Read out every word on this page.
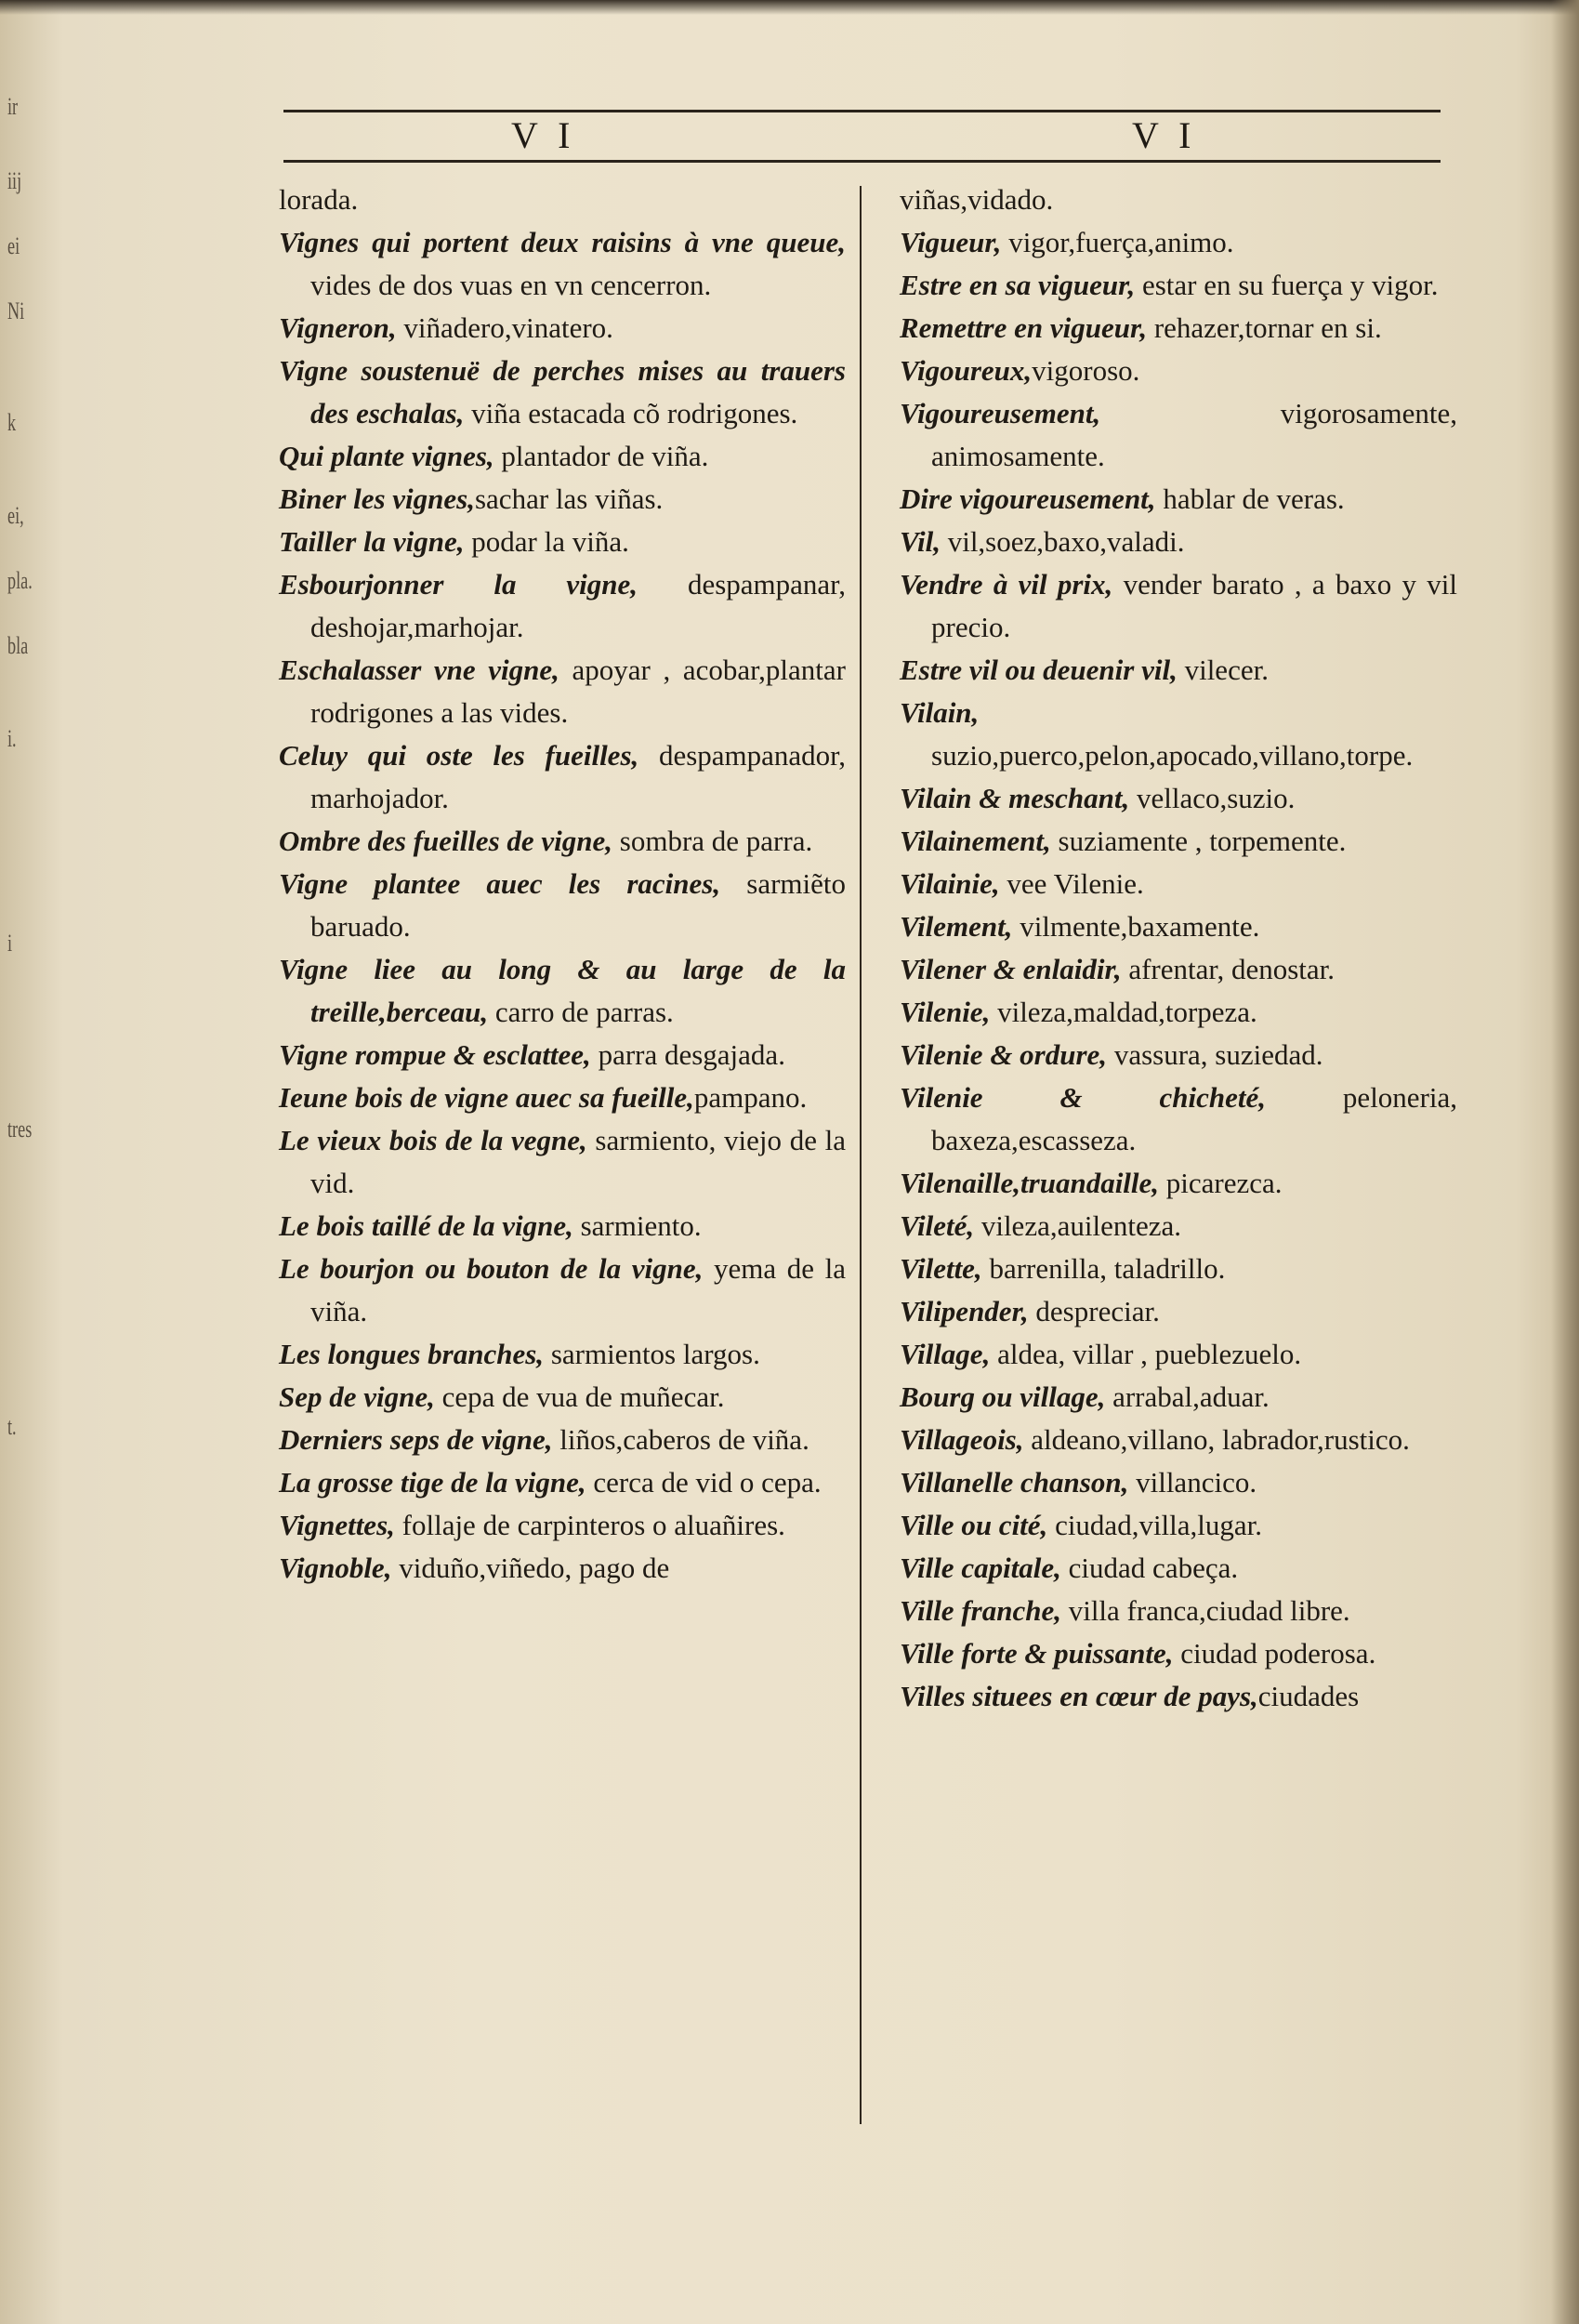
ir
iij
ei
Ni
k
ei,
pla.
bla
i.
i
tres
t.
V I	V I
lorada.
Vignes qui portent deux raisins à vne queue, vides de dos vuas en vn cencerron.
Vigneron, viñadero,vinatero.
Vigne soustenuë de perches mises au trauers des eschalas, viña estacada cõ rodrigones.
Qui plante vignes, plantador de viña.
Biner les vignes,sachar las viñas.
Tailler la vigne, podar la viña.
Esbourjonner la vigne, despampanar, deshojar,marhojar.
Eschalasser vne vigne, apoyar , acobar,plantar rodrigones a las vides.
Celuy qui oste les fueilles, despampanador, marhojador.
Ombre des fueilles de vigne, sombra de parra.
Vigne plantee auec les racines, sarmiẽto baruado.
Vigne liee au long & au large de la treille,berceau, carro de parras.
Vigne rompue & esclattee, parra desgajada.
Ieune bois de vigne auec sa fueille,pampano.
Le vieux bois de la vegne, sarmiento, viejo de la vid.
Le bois taillé de la vigne, sarmiento.
Le bourjon ou bouton de la vigne, yema de la viña.
Les longues branches, sarmientos largos.
Sep de vigne, cepa de vua de muñecar.
Derniers seps de vigne, liños,caberos de viña.
La grosse tige de la vigne, cerca de vid o cepa.
Vignettes, follaje de carpinteros o aluañires.
Vignoble, viduño,viñedo, pago de
viñas,vidado.
Vigueur, vigor,fuerça,animo.
Estre en sa vigueur, estar en su fuerça y vigor.
Remettre en vigueur, rehazer,tornar en si.
Vigoureux,vigoroso.
Vigoureusement, vigorosamente, animosamente.
Dire vigoureusement, hablar de veras.
Vil, vil,soez,baxo,valadi.
Vendre à vil prix, vender barato , a baxo y vil precio.
Estre vil ou deuenir vil, vilecer.
Vilain, suzio,puerco,pelon,apocado,villano,torpe.
Vilain & meschant, vellaco,suzio.
Vilainement, suziamente , torpemente.
Vilainie, vee Vilenie.
Vilement, vilmente,baxamente.
Vilener & enlaidir, afrentar, denostar.
Vilenie, vileza,maldad,torpeza.
Vilenie & ordure, vassura, suziedad.
Vilenie & chicheté, peloneria, baxeza,escasseza.
Vilenaille,truandaille, picarezca.
Vileté, vileza,auilenteza.
Vilette, barrenilla, taladrillo.
Vilipender, despreciar.
Village, aldea, villar , pueblezuelo.
Bourg ou village, arrabal,aduar.
Villageois, aldeano,villano, labrador,rustico.
Villanelle chanson, villancico.
Ville ou cité, ciudad,villa,lugar.
Ville capitale, ciudad cabeça.
Ville franche, villa franca,ciudad libre.
Ville forte & puissante, ciudad poderosa.
Villes situees en cœur de pays,ciudades
